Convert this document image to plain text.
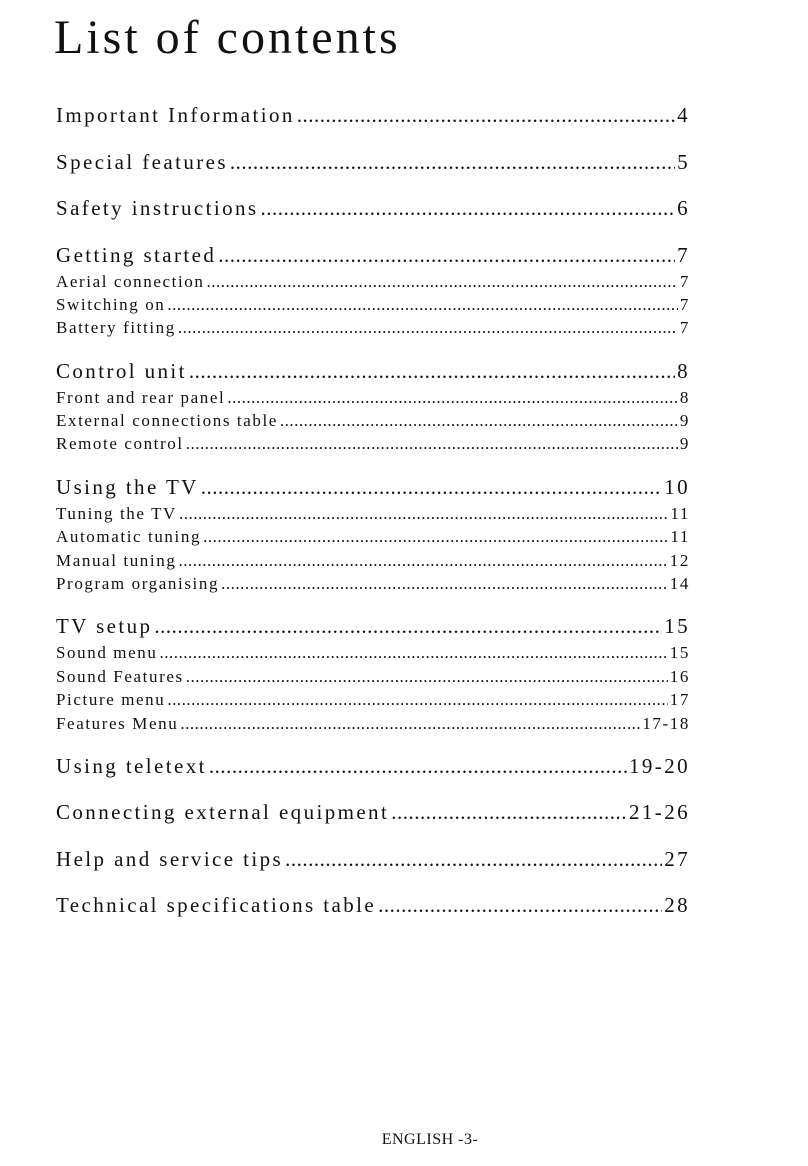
List of contents
Important Information .....	4
Special features .....	5
Safety instructions .....	6
Getting started .....	7
Aerial connection .....	7
Switching on .....	7
Battery fitting .....	7
Control unit .....	8
Front and rear panel .....	8
External connections table .....	9
Remote control .....	9
Using the TV .....	10
Tuning the TV .....	11
Automatic tuning .....	11
Manual tuning .....	12
Program organising .....	14
TV setup .....	15
Sound menu .....	15
Sound Features .....	16
Picture menu .....	17
Features Menu .....	17-18
Using teletext .....	19-20
Connecting external equipment .....	21-26
Help and service tips .....	27
Technical specifications table .....	28
ENGLISH -3-
